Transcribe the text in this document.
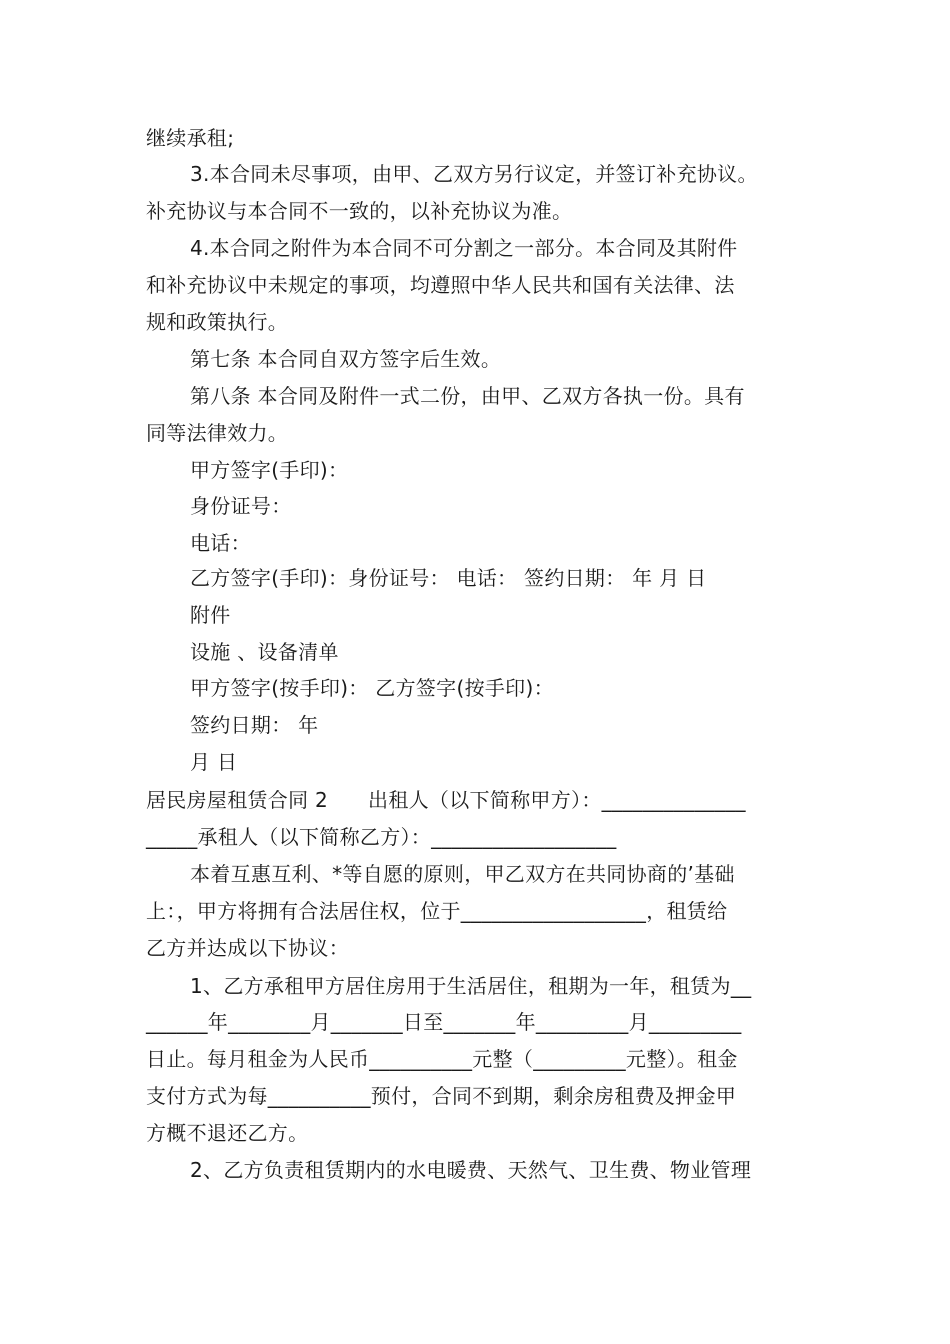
继续承租;
3.本合同未尽事项，由甲、乙双方另行议定，并签订补充协议。
补充协议与本合同不一致的，以补充协议为准。
4.本合同之附件为本合同不可分割之一部分。本合同及其附件
和补充协议中未规定的事项，均遵照中华人民共和国有关法律、法
规和政策执行。
第七条 本合同自双方签字后生效。
第八条 本合同及附件一式二份，由甲、乙双方各执一份。具有
同等法律效力。
甲方签字(手印)：
身份证号：
电话：
乙方签字(手印)：身份证号： 电话： 签约日期： 年 月 日
附件
设施 、设备清单
甲方签字(按手印)： 乙方签字(按手印)：
签约日期： 年
月 日
居民房屋租赁合同 2      出租人（以下简称甲方）：______________
_____承租人（以下简称乙方）：__________________
本着互惠互利、*等自愿的原则，甲乙双方在共同协商的’基础
上：，甲方将拥有合法居住权，位于__________________，租赁给
乙方并达成以下协议：
1、乙方承租甲方居住房用于生活居住，租期为一年，租赁为__
______年________月_______日至_______年_________月_________
日止。每月租金为人民币__________元整（_________元整）。租金
支付方式为每__________预付，合同不到期，剩余房租费及押金甲
方概不退还乙方。
2、乙方负责租赁期内的水电暖费、天然气、卫生费、物业管理
